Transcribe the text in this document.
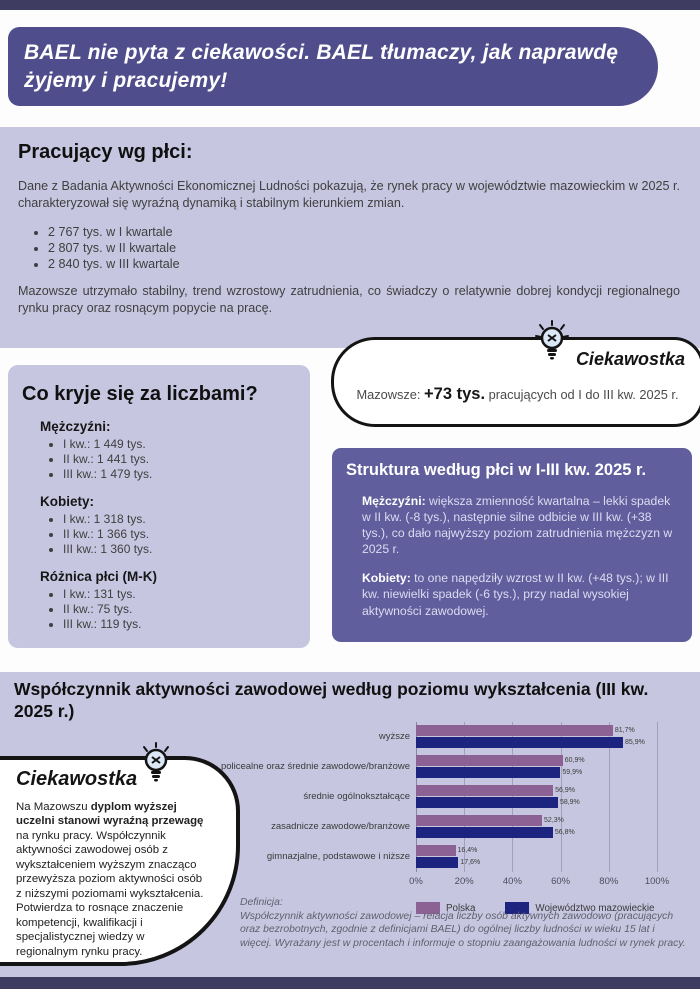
BAEL nie pyta z ciekawości. BAEL tłumaczy, jak naprawdę żyjemy i pracujemy!
Pracujący wg płci:

Dane z Badania Aktywności Ekonomicznej Ludności pokazują, że rynek pracy w województwie mazowieckim w 2025 r. charakteryzował się wyraźną dynamiką i stabilnym kierunkiem zmian.

• 2 767 tys. w I kwartale
• 2 807 tys. w II kwartale
• 2 840 tys. w III kwartale

Mazowsze utrzymało stabilny, trend wzrostowy zatrudnienia, co świadczy o relatywnie dobrej kondycji regionalnego rynku pracy oraz rosnącym popycie na pracę.

Ciekawostka
Mazowsze: +73 tys. pracujących od I do III kw. 2025 r.
Co kryje się za liczbami?
Mężczyźni:
• I kw.: 1 449 tys.
• II kw.: 1 441 tys.
• III kw.: 1 479 tys.
Kobiety:
• I kw.: 1 318 tys.
• II kw.: 1 366 tys.
• III kw.: 1 360 tys.
Różnica płci (M-K)
• I kw.: 131 tys.
• II kw.: 75 tys.
• III kw.: 119 tys.
Struktura według płci w I-III kw. 2025 r.

Mężczyźni: większa zmienność kwartalna – lekki spadek w II kw. (-8 tys.), następnie silne odbicie w III kw. (+38 tys.), co dało najwyższy poziom zatrudnienia mężczyzn w 2025 r.

Kobiety: to one napędziły wzrost w II kw. (+48 tys.); w III kw. niewielki spadek (-6 tys.), przy nadal wysokiej aktywności zawodowej.

Współczynnik aktywności zawodowej według poziomu wykształcenia (III kw. 2025 r.)
wyższe
81,7%
85,9%
policealne oraz średnie zawodowe/branżowe
60,9%
59,9%
średnie ogólnokształcące
56,9%
58,9%
zasadnicze zawodowe/branżowe
52,3%
56,8%
gimnazjalne, podstawowe i niższe
16,4%
17,6%
0%	20%	40%	60%	80%	100%
Polska	Województwo mazowieckie
Ciekawostka

Na Mazowszu dyplom wyższej uczelni stanowi wyraźną przewagę na rynku pracy. Współczynnik aktywności zawodowej osób z wykształceniem wyższym znacząco przewyższa poziom aktywności osób z niższymi poziomami wykształcenia. Potwierdza to rosnące znaczenie kompetencji, kwalifikacji i specjalistycznej wiedzy w regionalnym rynku pracy.

Definicja:
Współczynnik aktywności zawodowej – relacja liczby osób aktywnych zawodowo (pracujących oraz bezrobotnych, zgodnie z definicjami BAEL) do ogólnej liczby ludności w wieku 15 lat i więcej. Wyrażany jest w procentach i informuje o stopniu zaangażowania ludności w rynek pracy.
